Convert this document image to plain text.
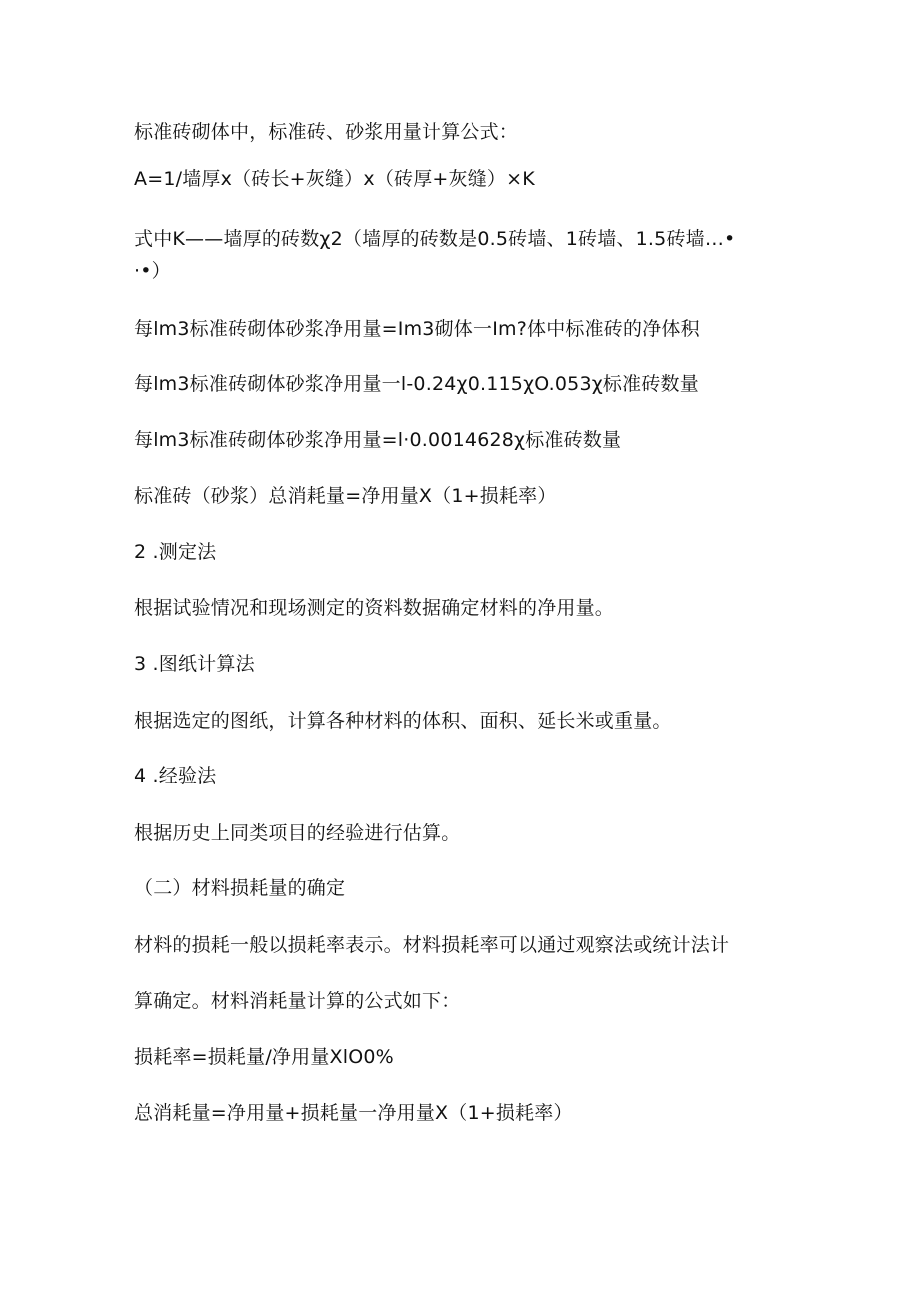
标准砖砌体中，标准砖、砂浆用量计算公式：
A=1/墙厚x（砖长+灰缝）x（砖厚+灰缝）×K
式中K——墙厚的砖数χ2（墙厚的砖数是0.5砖墙、1砖墙、1.5砖墙…•
·•）
每lm3标准砖砌体砂浆净用量=Im3砌体一Im?体中标准砖的净体积
每lm3标准砖砌体砂浆净用量一l-0.24χ0.115χO.053χ标准砖数量
每lm3标准砖砌体砂浆净用量=l·0.0014628χ标准砖数量
标准砖（砂浆）总消耗量=净用量X（1+损耗率）
2 .测定法
根据试验情况和现场测定的资料数据确定材料的净用量。
3 .图纸计算法
根据选定的图纸，计算各种材料的体积、面积、延长米或重量。
4 .经验法
根据历史上同类项目的经验进行估算。
（二）材料损耗量的确定
材料的损耗一般以损耗率表示。材料损耗率可以通过观察法或统计法计
算确定。材料消耗量计算的公式如下：
损耗率=损耗量/净用量XlO0%
总消耗量=净用量+损耗量一净用量X（1+损耗率）
